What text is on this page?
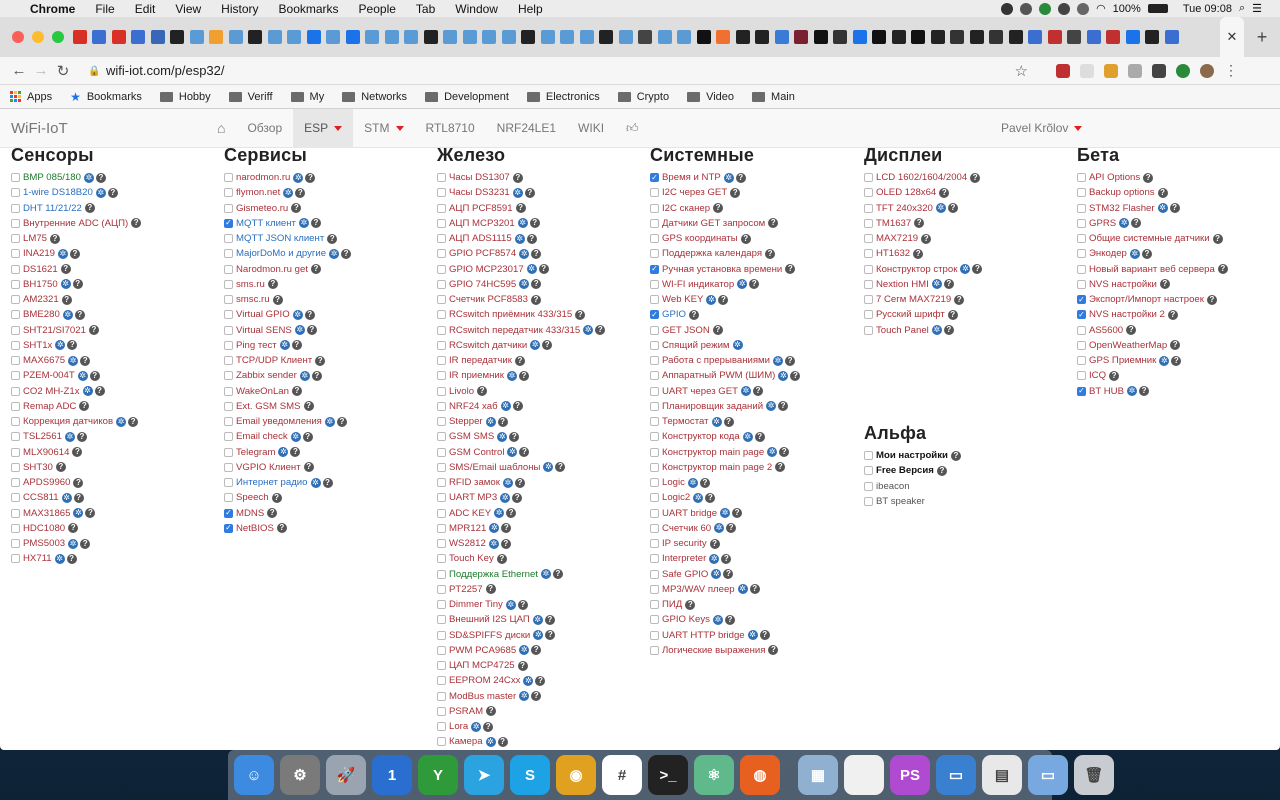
Chrome File Edit View History Bookmarks People Tab Window Help	◠ 100%	Tue 09:08 ⌕ ☰
✕	+
← → ↻	🔒 wifi-iot.com/p/esp32/	☆	⋮
Apps ★ Bookmarks	Hobby	Veriff	My	Networks	Development	Electronics	Crypto	Video	Main
WiFi-IoT	⌂ Обзор ESP	STM	RTL8710 NRF24LE1 WIKI	👍︎	Pavel Krõlov
Сенсоры
BMP 085/180 ✲ ?
1-wire DS18B20 ✲ ?
DHT 11/21/22 ?
Внутренние ADC (АЦП) ?
LM75 ?
INA219 ✲ ?
DS1621 ?
BH1750 ✲ ?
AM2321 ?
BME280 ✲ ?
SHT21/SI7021 ?
SHT1x ✲ ?
MAX6675 ✲ ?
PZEM-004T ✲ ?
CO2 MH-Z1x ✲ ?
Remap ADC ?
Коррекция датчиков ✲ ?
TSL2561 ✲ ?
MLX90614 ?
SHT30 ?
APDS9960 ?
CCS811 ✲ ?
MAX31865 ✲ ?
HDC1080 ?
PMS5003 ✲ ?
HX711 ✲ ?
Сервисы
narodmon.ru ✲ ?
flymon.net ✲ ?
Gismeteo.ru ?
✓ MQTT клиент ✲ ?
MQTT JSON клиент ?
MajorDoMo и другие ✲ ?
Narodmon.ru get ?
sms.ru ?
smsc.ru ?
Virtual GPIO ✲ ?
Virtual SENS ✲ ?
Ping тест ✲ ?
TCP/UDP Клиент ?
Zabbix sender ✲ ?
WakeOnLan ?
Ext. GSM SMS ?
Email уведомления ✲ ?
Email check ✲ ?
Telegram ✲ ?
VGPIO Клиент ?
Интернет радио ✲ ?
Speech ?
✓ MDNS ?
✓ NetBIOS ?
Железо
Часы DS1307 ?
Часы DS3231 ✲ ?
АЦП PCF8591 ?
АЦП MCP3201 ✲ ?
АЦП ADS1115 ✲ ?
GPIO PCF8574 ✲ ?
GPIO MCP23017 ✲ ?
GPIO 74HC595 ✲ ?
Счетчик PCF8583 ?
RCswitch приёмник 433/315 ?
RCswitch передатчик 433/315 ✲ ?
RCswitch датчики ✲ ?
IR передатчик ?
IR приемник ✲ ?
Livolo ?
NRF24 хаб ✲ ?
Stepper ✲ ?
GSM SMS ✲ ?
GSM Control ✲ ?
SMS/Email шаблоны ✲ ?
RFID замок ✲ ?
UART MP3 ✲ ?
ADC KEY ✲ ?
MPR121 ✲ ?
WS2812 ✲ ?
Touch Key ?
Поддержка Ethernet ✲ ?
PT2257 ?
Dimmer Tiny ✲ ?
Внешний I2S ЦАП ✲ ?
SD&SPIFFS диски ✲ ?
PWM PCA9685 ✲ ?
ЦАП MCP4725 ?
EEPROM 24Cxx ✲ ?
ModBus master ✲ ?
PSRAM ?
Lora ✲ ?
Камера ✲ ?
Системные
✓ Время и NTP ✲ ?
I2C через GET ?
I2C сканер ?
Датчики GET запросом ?
GPS координаты ?
Поддержка календаря ?
✓ Ручная установка времени ?
WI-FI индикатор ✲ ?
Web KEY ✲ ?
✓ GPIO ?
GET JSON ?
Спящий режим ✲
Работа с прерываниями ✲ ?
Аппаратный PWM (ШИМ) ✲ ?
UART через GET ✲ ?
Планировщик заданий ✲ ?
Термостат ✲ ?
Конструктор кода ✲ ?
Конструктор main page ✲ ?
Конструктор main page 2 ?
Logic ✲ ?
Logic2 ✲ ?
UART bridge ✲ ?
Счетчик 60 ✲ ?
IP security ?
Interpreter ✲ ?
Safe GPIO ✲ ?
MP3/WAV плеер ✲ ?
ПИД ?
GPIO Keys ✲ ?
UART HTTP bridge ✲ ?
Логические выражения ?
Дисплеи
LCD 1602/1604/2004 ?
OLED 128x64 ?
TFT 240x320 ✲ ?
TM1637 ?
MAX7219 ?
HT1632 ?
Конструктор строк ✲ ?
Nextion HMI ✲ ?
7 Сегм MAX7219 ?
Русский шрифт ?
Touch Panel ✲ ?
Альфа
Мои настройки ?
Free Версия ?
ibeacon
BT speaker
Бета
API Options ?
Backup options ?
STM32 Flasher ✲ ?
GPRS ✲ ?
Общие системные датчики ?
Энкодер ✲ ?
Новый вариант веб сервера ?
NVS настройки ?
✓ Экспорт/Импорт настроек ?
✓ NVS настройки 2 ?
AS5600 ?
OpenWeatherMap ?
GPS Приемник ✲ ?
ICQ ?
✓ BT HUB ✲ ?
☺	⚙	🚀	1	Y	➤	S	◉	#	>_	⚛	◍	▦	PS	▭	▤	▭	🗑
